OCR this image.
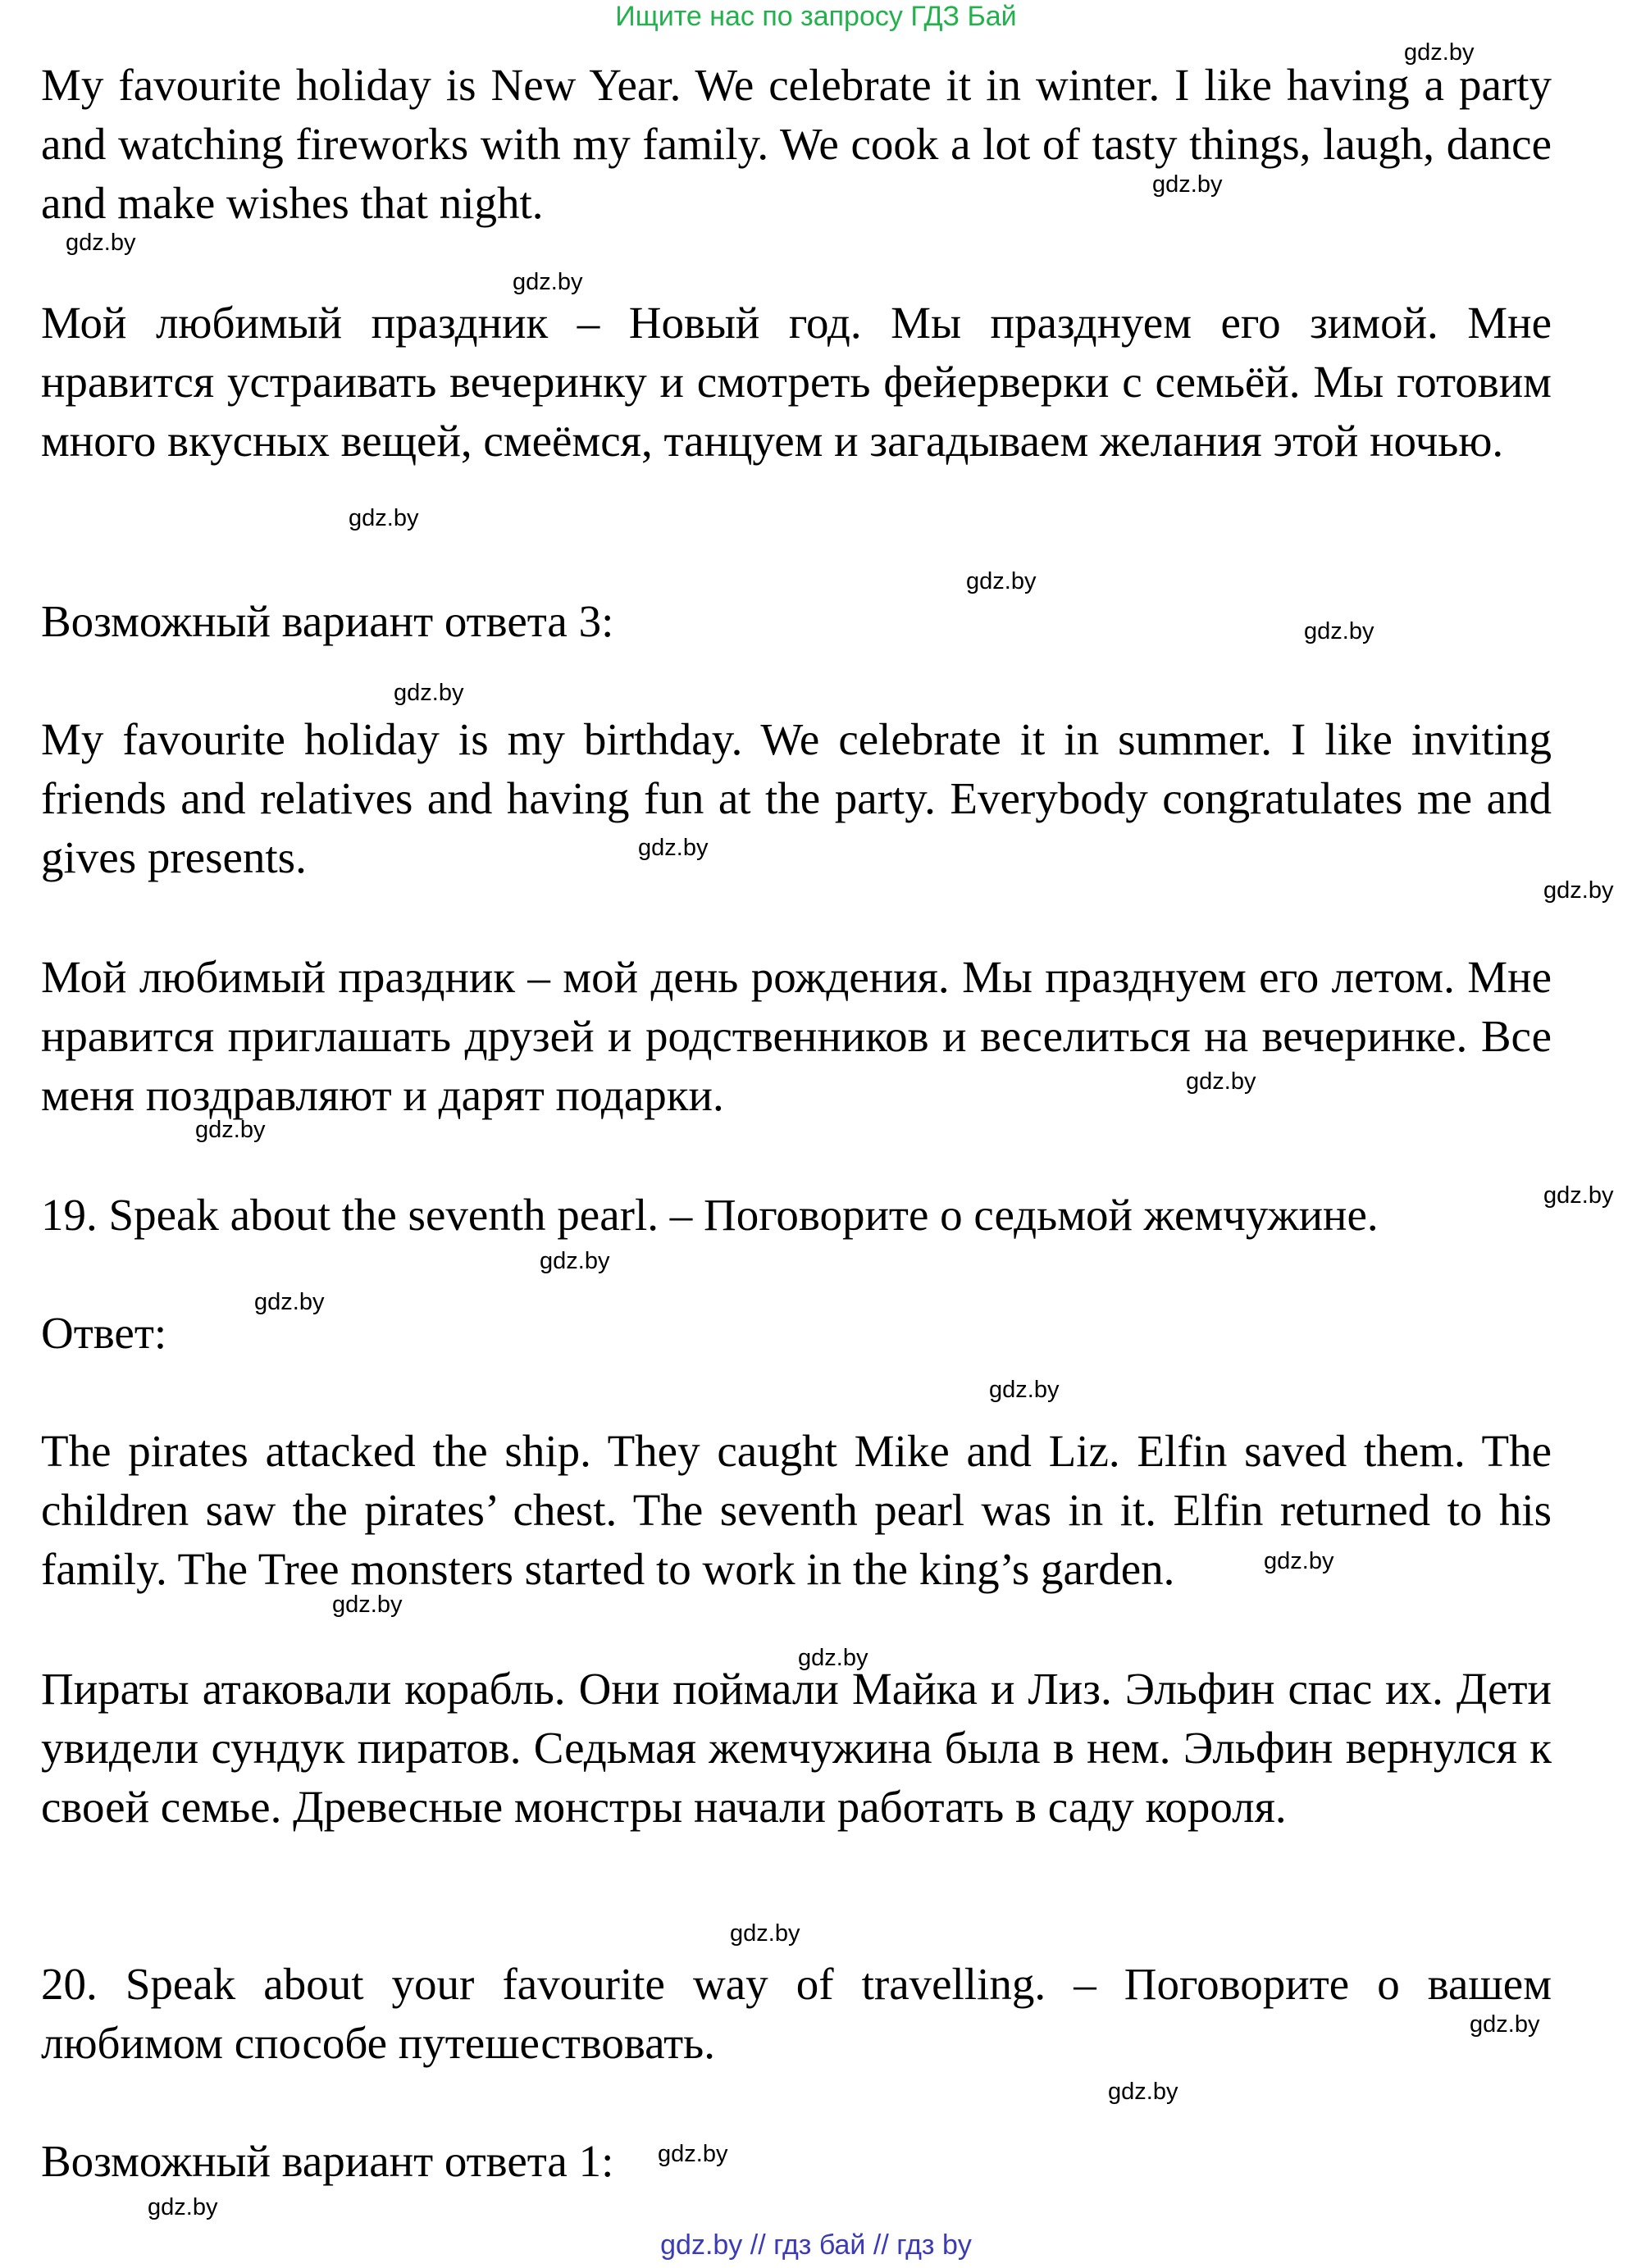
Ищите нас по запросу ГДЗ Бай

My favourite holiday is New Year. We celebrate it in winter. I like having a party and watching fireworks with my family. We cook a lot of tasty things, laugh, dance and make wishes that night.

Мой любимый праздник – Новый год. Мы празднуем его зимой. Мне нравится устраивать вечеринку и смотреть фейерверки с семьёй. Мы готовим много вкусных вещей, смеёмся, танцуем и загадываем желания этой ночью.

Возможный вариант ответа 3:

My favourite holiday is my birthday. We celebrate it in summer. I like inviting friends and relatives and having fun at the party. Everybody congratulates me and gives presents.

Мой любимый праздник – мой день рождения. Мы празднуем его летом. Мне нравится приглашать друзей и родственников и веселиться на вечеринке. Все меня поздравляют и дарят подарки.

19. Speak about the seventh pearl. – Поговорите о седьмой жемчужине.

Ответ:

The pirates attacked the ship. They caught Mike and Liz. Elfin saved them. The children saw the pirates’ chest. The seventh pearl was in it. Elfin returned to his family. The Tree monsters started to work in the king’s garden.

Пираты атаковали корабль. Они поймали Майка и Лиз. Эльфин спас их. Дети увидели сундук пиратов. Седьмая жемчужина была в нем. Эльфин вернулся к своей семье. Древесные монстры начали работать в саду короля.

20. Speak about your favourite way of travelling. – Поговорите о вашем любимом способе путешествовать.

Возможный вариант ответа 1:

gdz.by
gdz.by
gdz.by
gdz.by
gdz.by
gdz.by
gdz.by
gdz.by
gdz.by
gdz.by
gdz.by
gdz.by
gdz.by
gdz.by
gdz.by
gdz.by
gdz.by
gdz.by
gdz.by
gdz.by
gdz.by
gdz.by
gdz.by
gdz.by
gdz.by // гдз бай // гдз by
